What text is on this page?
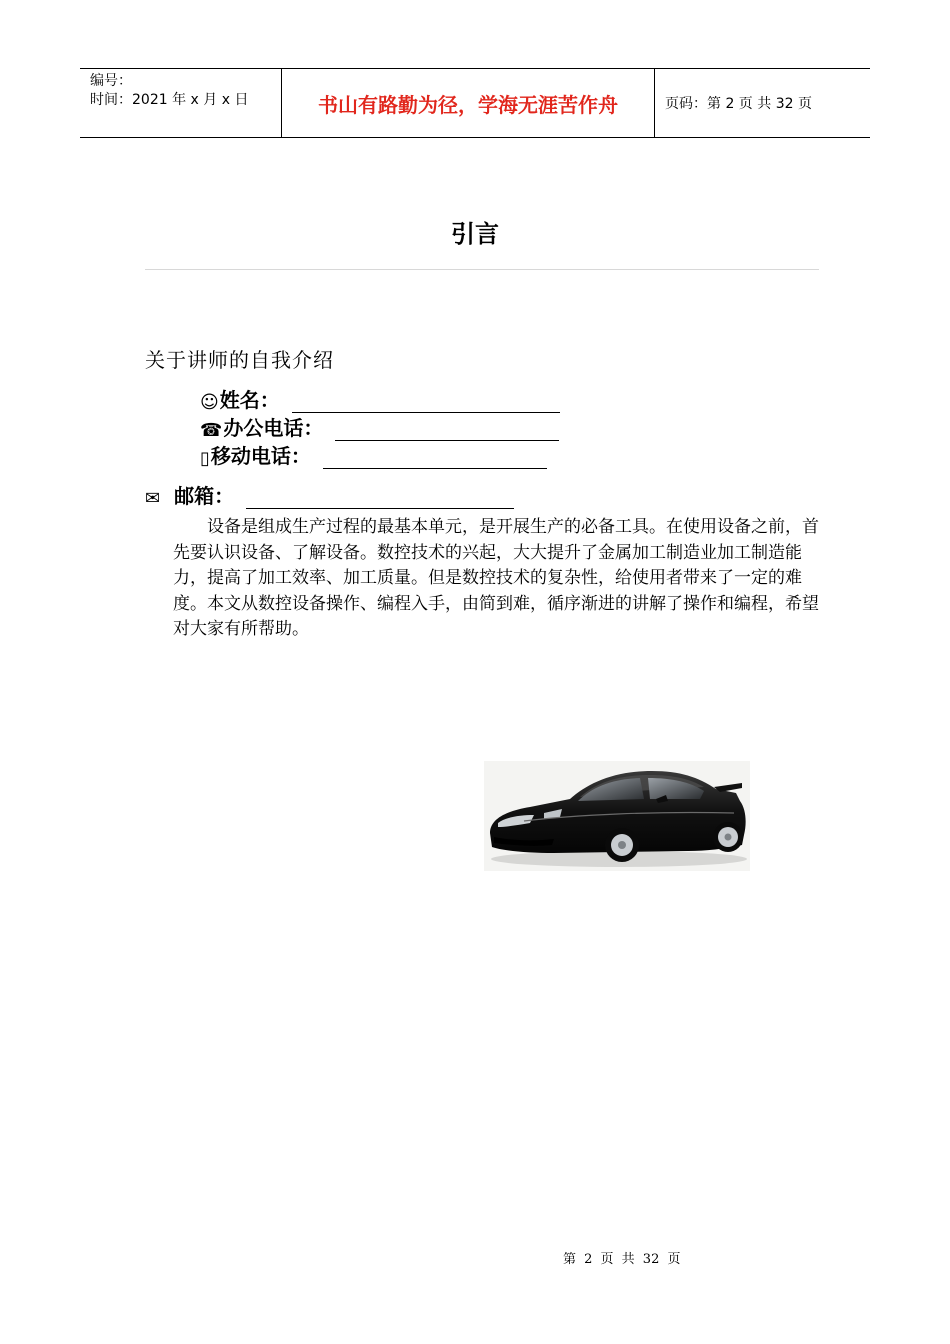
编号：
时间：2021 年 x 月 x 日	书山有路勤为径，学海无涯苦作舟	页码：第 2 页 共 32 页
引言
关于讲师的自我介绍
☺ 姓名：
☎ 办公电话：
▯ 移动电话：
✉ 邮箱：

设备是组成生产过程的最基本单元，是开展生产的必备工具。在使用设备之前，首先要认识设备、了解设备。数控技术的兴起，大大提升了金属加工制造业加工制造能力，提高了加工效率、加工质量。但是数控技术的复杂性，给使用者带来了一定的难度。本文从数控设备操作、编程入手，由简到难，循序渐进的讲解了操作和编程，希望对大家有所帮助。

第 2 页 共 32 页
